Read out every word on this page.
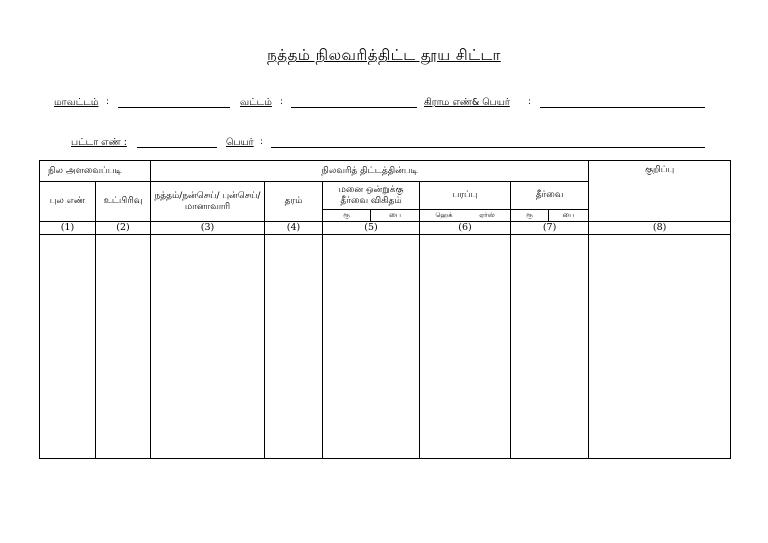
நத்தம் நிலவரித்திட்ட தூய சிட்டா
மாவட்டம் :	வட்டம் :	கிராம எண்& பெயர் :
பட்டா எண் :	பெயர் :
நில அளவைப்படி		நிலவரித் திட்டத்தின்படி							குறிப்பு
புல எண்	உட்பிரிவு	நத்தம்/நன்செய்/ புன்செய்/மானாவாரி	தரம்	மனை ஒன்றுக்கு தீர்வை விகிதம்		பரப்பு	தீர்வை		
				ரூ	பை	ஹெக் ஏர்ஸ்	ரூ	பை	
(1)	(2)	(3)	(4)	(5)		(6)	(7)		(8)
